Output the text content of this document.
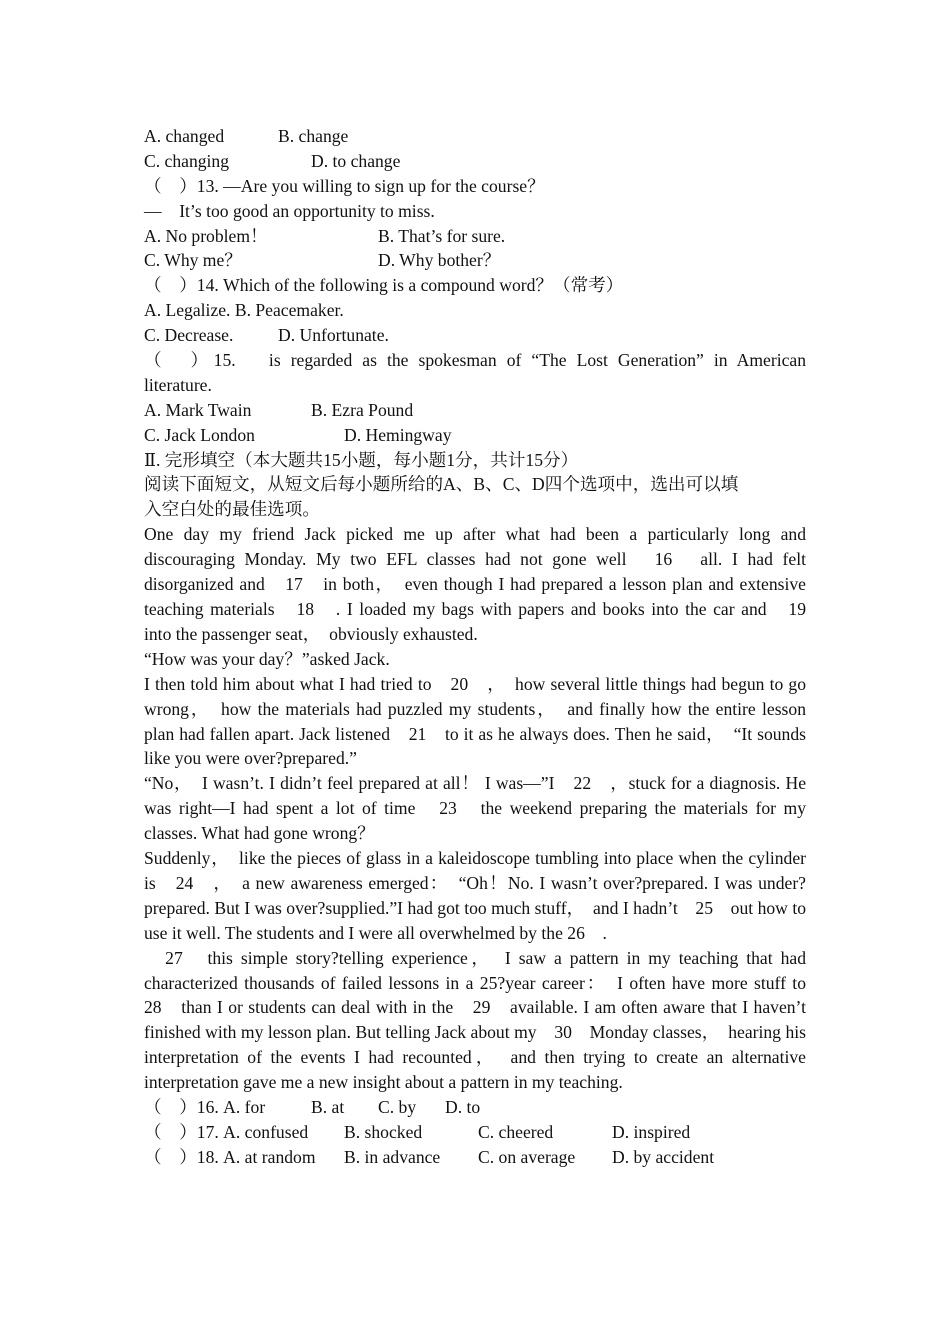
A. changed	B. change
C. changing	D. to change
（　）13. —Are you willing to sign up for the course？
—　It’s too good an opportunity to miss.
A. No problem！	B. That’s for sure.
C. Why me？	D. Why bother？
（　）14. Which of the following is a compound word？（常考）
A. Legalize. B. Peacemaker.
C. Decrease.	D. Unfortunate.
（　）15. 　is regarded as the spokesman of “The Lost Generation” in American
literature.
A. Mark Twain	B. Ezra Pound
C. Jack London	D. Hemingway
Ⅱ. 完形填空（本大题共15小题，每小题1分，共计15分）
阅读下面短文，从短文后每小题所给的A、B、C、D四个选项中，选出可以填
入空白处的最佳选项。
One day my friend Jack picked me up after what had been a particularly long and discouraging Monday. My two EFL classes had not gone well　16　all. I had felt disorganized and　17　in both，　even though I had prepared a lesson plan and extensive teaching materials　18　. I loaded my bags with papers and books into the car and　19　into the passenger seat，　obviously exhausted.
“How was your day？”asked Jack.
I then told him about what I had tried to　20　，　how several little things had begun to go wrong，　how the materials had puzzled my students，　and finally how the entire lesson plan had fallen apart. Jack listened　21　to it as he always does. Then he said，　“It sounds like you were over?prepared.”
“No，　I wasn’t. I didn’t feel prepared at all！ I was—”I　22　，stuck for a diagnosis. He was right—I had spent a lot of time　23　the weekend preparing the materials for my classes. What had gone wrong？
Suddenly，　like the pieces of glass in a kaleidoscope tumbling into place when the cylinder is　24　，　a new awareness emerged：　“Oh！No. I wasn’t over?prepared. I was under?prepared. But I was over?supplied.”I had got too much stuff，　and I hadn’t　25　out how to use it well. The students and I were all overwhelmed by the 26　.
　27　this simple story?telling experience，　I saw a pattern in my teaching that had characterized thousands of failed lessons in a 25?year career：　I often have more stuff to　28　than I or students can deal with in the　29　available. I am often aware that I haven’t finished with my lesson plan. But telling Jack about my　30　Monday classes，　hearing his interpretation of the events I had recounted，　and then trying to create an alternative interpretation gave me a new insight about a pattern in my teaching.
（　）16. A. for	B. at C. by D. to
（　）17. A. confused B. shocked	C. cheered	D. inspired
（　）18. A. at random B. in advance C. on average D. by accident
